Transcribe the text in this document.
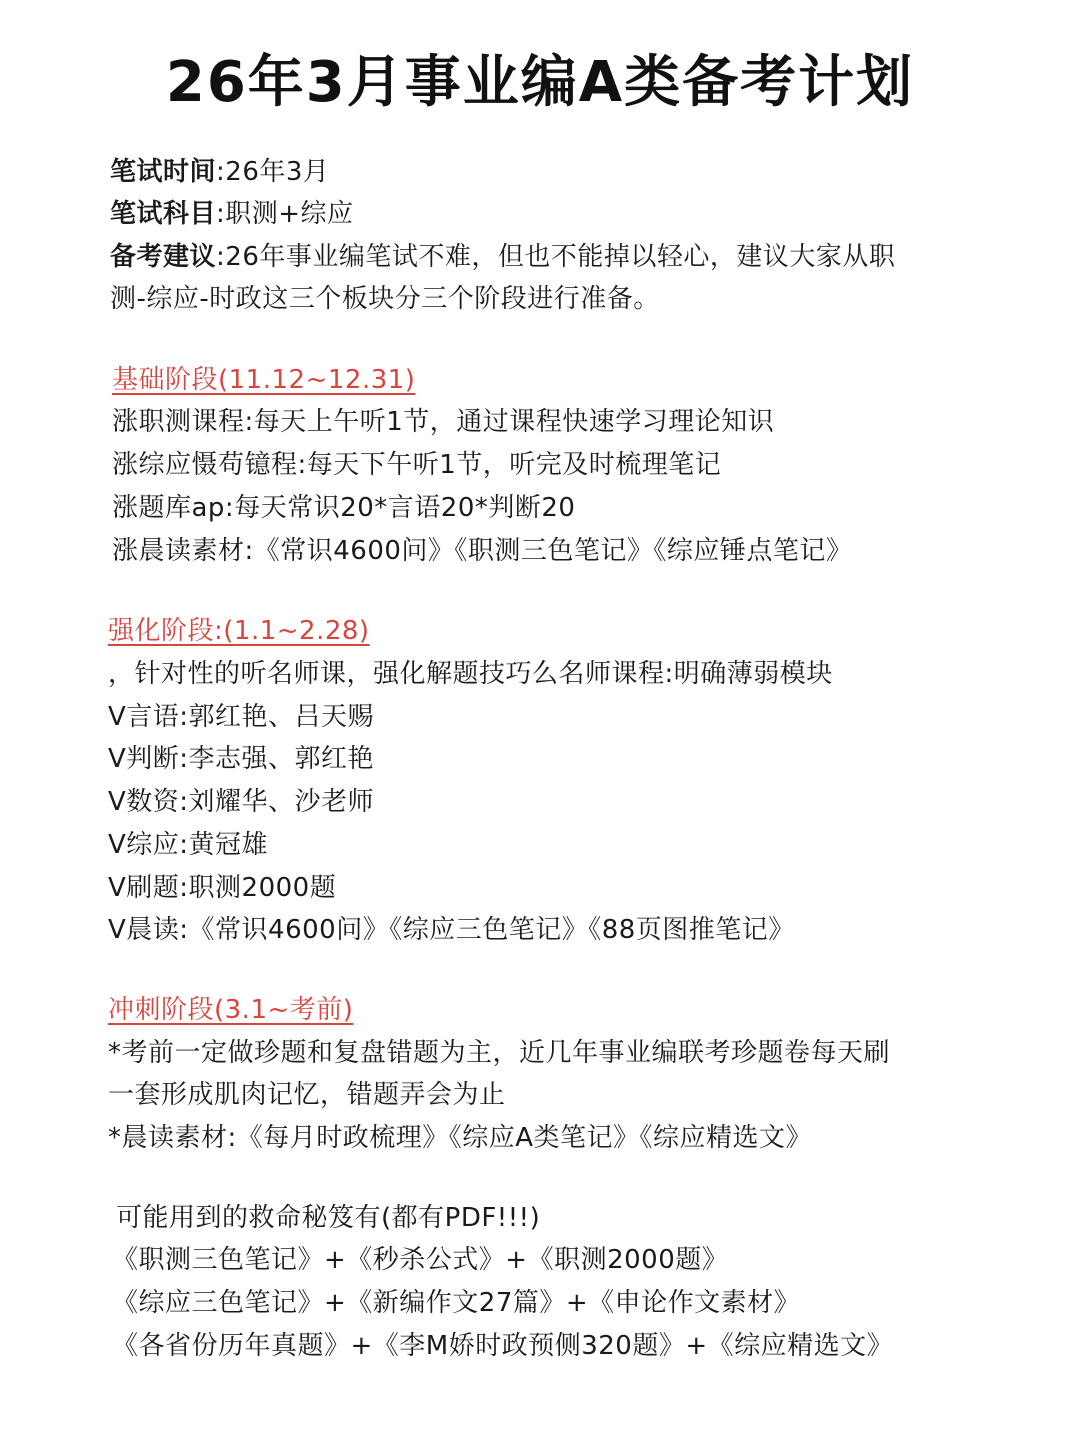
26年3月事业编A类备考计划
笔试时间:26年3月
笔试科目:职测+综应
备考建议:26年事业编笔试不难，但也不能掉以轻心，建议大家从职
测-综应-时政这三个板块分三个阶段进行准备。
基础阶段(11.12~12.31)
涨职测课程:每天上午听1节，通过课程快速学习理论知识
涨综应慑苟镱程:每天下午听1节，听完及时梳理笔记
涨题库ap:每天常识20*言语20*判断20
涨晨读素材:《常识4600问》《职测三色笔记》《综应锤点笔记》
强化阶段:(1.1~2.28)
，针对性的听名师课，强化解题技巧么名师课程:明确薄弱模块
V言语:郭红艳、吕天赐
V判断:李志强、郭红艳
V数资:刘耀华、沙老师
V综应:黄冠雄
V刷题:职测2000题
V晨读:《常识4600问》《综应三色笔记》《88页图推笔记》
冲刺阶段(3.1~考前)
*考前一定做珍题和复盘错题为主，近几年事业编联考珍题卷每天刷
一套形成肌肉记忆，错题弄会为止
*晨读素材:《每月时政梳理》《综应A类笔记》《综应精选文》
可能用到的救命秘笈有(都有PDF!!!)
《职测三色笔记》+《秒杀公式》+《职测2000题》
《综应三色笔记》+《新编作文27篇》+《申论作文素材》
《各省份历年真题》+《李M娇时政预侧320题》+《综应精选文》
